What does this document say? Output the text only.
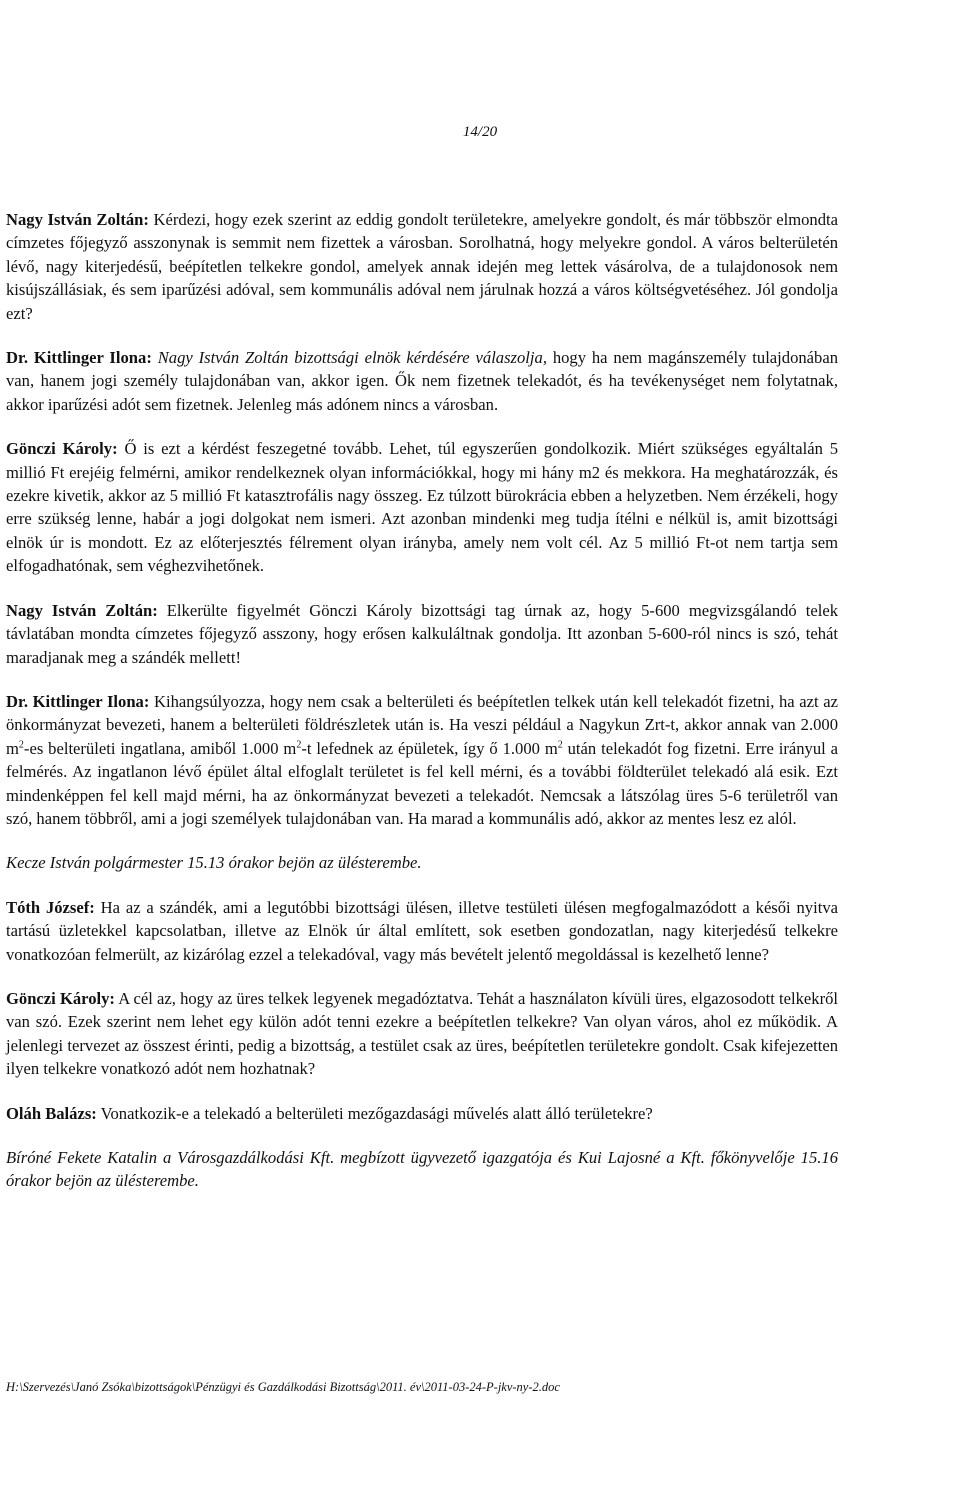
14/20

Nagy István Zoltán: Kérdezi, hogy ezek szerint az eddig gondolt területekre, amelyekre gondolt, és már többször elmondta címzetes főjegyző asszonynak is semmit nem fizettek a városban. Sorolhatná, hogy melyekre gondol. A város belterületén lévő, nagy kiterjedésű, beépítetlen telkekre gondol, amelyek annak idején meg lettek vásárolva, de a tulajdonosok nem kisújszállásiak, és sem iparűzési adóval, sem kommunális adóval nem járulnak hozzá a város költségvetéséhez. Jól gondolja ezt?

Dr. Kittlinger Ilona: Nagy István Zoltán bizottsági elnök kérdésére válaszolja, hogy ha nem magánszemély tulajdonában van, hanem jogi személy tulajdonában van, akkor igen. Ők nem fizetnek telekadót, és ha tevékenységet nem folytatnak, akkor iparűzési adót sem fizetnek. Jelenleg más adónem nincs a városban.

Gönczi Károly: Ő is ezt a kérdést feszegetné tovább. Lehet, túl egyszerűen gondolkozik. Miért szükséges egyáltalán 5 millió Ft erejéig felmérni, amikor rendelkeznek olyan információkkal, hogy mi hány m2 és mekkora. Ha meghatározzák, és ezekre kivetik, akkor az 5 millió Ft katasztrofális nagy összeg. Ez túlzott bürokrácia ebben a helyzetben. Nem érzékeli, hogy erre szükség lenne, habár a jogi dolgokat nem ismeri. Azt azonban mindenki meg tudja ítélni e nélkül is, amit bizottsági elnök úr is mondott. Ez az előterjesztés félrement olyan irányba, amely nem volt cél. Az 5 millió Ft-ot nem tartja sem elfogadhatónak, sem véghezvihetőnek.

Nagy István Zoltán: Elkerülte figyelmét Gönczi Károly bizottsági tag úrnak az, hogy 5-600 megvizsgálandó telek távlatában mondta címzetes főjegyző asszony, hogy erősen kalkuláltnak gondolja. Itt azonban 5-600-ról nincs is szó, tehát maradjanak meg a szándék mellett!

Dr. Kittlinger Ilona: Kihangsúlyozza, hogy nem csak a belterületi és beépítetlen telkek után kell telekadót fizetni, ha azt az önkormányzat bevezeti, hanem a belterületi földrészletek után is. Ha veszi például a Nagykun Zrt-t, akkor annak van 2.000 $m^2-es$ belterületi ingatlana, amiből 1.000 $m^2-t$ lefednek az épületek, így ő 1.000 $m^2$ után telekadót fog fizetni. Erre irányul a felmérés. Az ingatlanon lévő épület által elfoglalt területet is fel kell mérni, és a további földterület telekadó alá esik. Ezt mindenképpen fel kell majd mérni, ha az önkormányzat bevezeti a telekadót. Nemcsak a látszólag üres 5-6 területről van szó, hanem többről, ami a jogi személyek tulajdonában van. Ha marad a kommunális adó, akkor az mentes lesz ez alól.

Kecze István polgármester 15.13 órakor bejön az ülésterembe.

Tóth József: Ha az a szándék, ami a legutóbbi bizottsági ülésen, illetve testületi ülésen megfogalmazódott a késői nyitva tartású üzletekkel kapcsolatban, illetve az Elnök úr által említett, sok esetben gondozatlan, nagy kiterjedésű telkekre vonatkozóan felmerült, az kizárólag ezzel a telekadóval, vagy más bevételt jelentő megoldással is kezelhető lenne?

Gönczi Károly: A cél az, hogy az üres telkek legyenek megadóztatva. Tehát a használaton kívüli üres, elgazosodott telkekről van szó. Ezek szerint nem lehet egy külön adót tenni ezekre a beépítetlen telkekre? Van olyan város, ahol ez működik. A jelenlegi tervezet az összest érinti, pedig a bizottság, a testület csak az üres, beépítetlen területekre gondolt. Csak kifejezetten ilyen telkekre vonatkozó adót nem hozhatnak?

Oláh Balázs: Vonatkozik-e a telekadó a belterületi mezőgazdasági művelés alatt álló területekre?

Bíróné Fekete Katalin a Városgazdálkodási Kft. megbízott ügyvezető igazgatója és Kui Lajosné a Kft. főkönyvelője 15.16 órakor bejön az ülésterembe.

H:\Szervezés\Janó Zsóka\bizottságok\Pénzügyi és Gazdálkodási Bizottság\2011. év\2011-03-24-P-jkv-ny-2.doc
